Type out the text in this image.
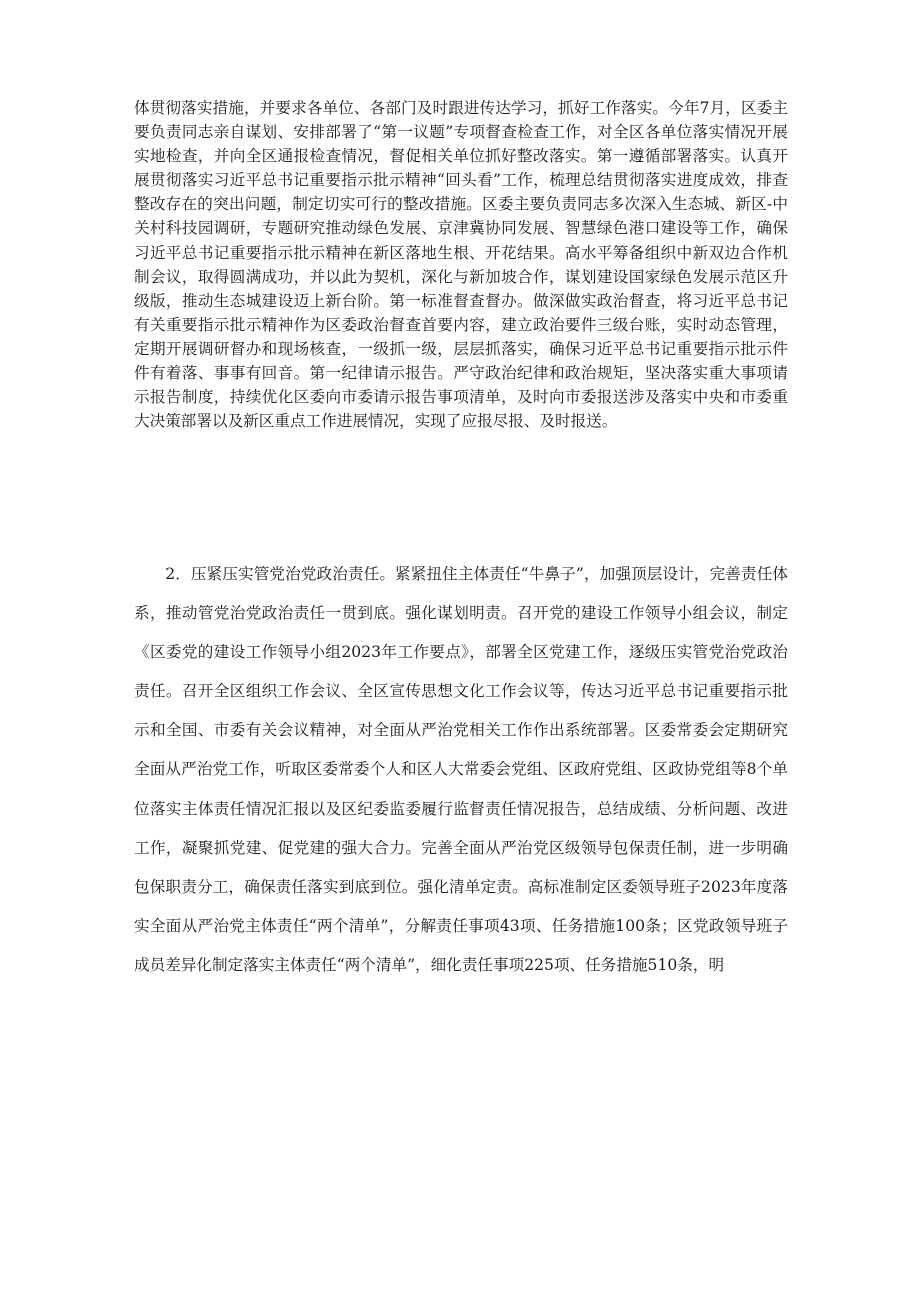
体贯彻落实措施，并要求各单位、各部门及时跟进传达学习，抓好工作落实。今年7月，区委主要负责同志亲自谋划、安排部署了“第一议题”专项督查检查工作，对全区各单位落实情况开展实地检查，并向全区通报检查情况，督促相关单位抓好整改落实。第一遵循部署落实。认真开展贯彻落实习近平总书记重要指示批示精神“回头看”工作，梳理总结贯彻落实进度成效，排查整改存在的突出问题，制定切实可行的整改措施。区委主要负责同志多次深入生态城、新区-中关村科技园调研，专题研究推动绿色发展、京津冀协同发展、智慧绿色港口建设等工作，确保习近平总书记重要指示批示精神在新区落地生根、开花结果。高水平筹备组织中新双边合作机制会议，取得圆满成功，并以此为契机，深化与新加坡合作，谋划建设国家绿色发展示范区升级版，推动生态城建设迈上新台阶。第一标准督查督办。做深做实政治督查，将习近平总书记有关重要指示批示精神作为区委政治督查首要内容，建立政治要件三级台账，实时动态管理，定期开展调研督办和现场核查，一级抓一级，层层抓落实，确保习近平总书记重要指示批示件件有着落、事事有回音。第一纪律请示报告。严守政治纪律和政治规矩，坚决落实重大事项请示报告制度，持续优化区委向市委请示报告事项清单，及时向市委报送涉及落实中央和市委重大决策部署以及新区重点工作进展情况，实现了应报尽报、及时报送。

2．压紧压实管党治党政治责任。紧紧扭住主体责任“牛鼻子”，加强顶层设计，完善责任体系，推动管党治党政治责任一贯到底。强化谋划明责。召开党的建设工作领导小组会议，制定《区委党的建设工作领导小组2023年工作要点》，部署全区党建工作，逐级压实管党治党政治责任。召开全区组织工作会议、全区宣传思想文化工作会议等，传达习近平总书记重要指示批示和全国、市委有关会议精神，对全面从严治党相关工作作出系统部署。区委常委会定期研究全面从严治党工作，听取区委常委个人和区人大常委会党组、区政府党组、区政协党组等8个单位落实主体责任情况汇报以及区纪委监委履行监督责任情况报告，总结成绩、分析问题、改进工作，凝聚抓党建、促党建的强大合力。完善全面从严治党区级领导包保责任制，进一步明确包保职责分工，确保责任落实到底到位。强化清单定责。高标准制定区委领导班子2023年度落实全面从严治党主体责任“两个清单”，分解责任事项43项、任务措施100条；区党政领导班子成员差异化制定落实主体责任“两个清单”，细化责任事项225项、任务措施510条，明
